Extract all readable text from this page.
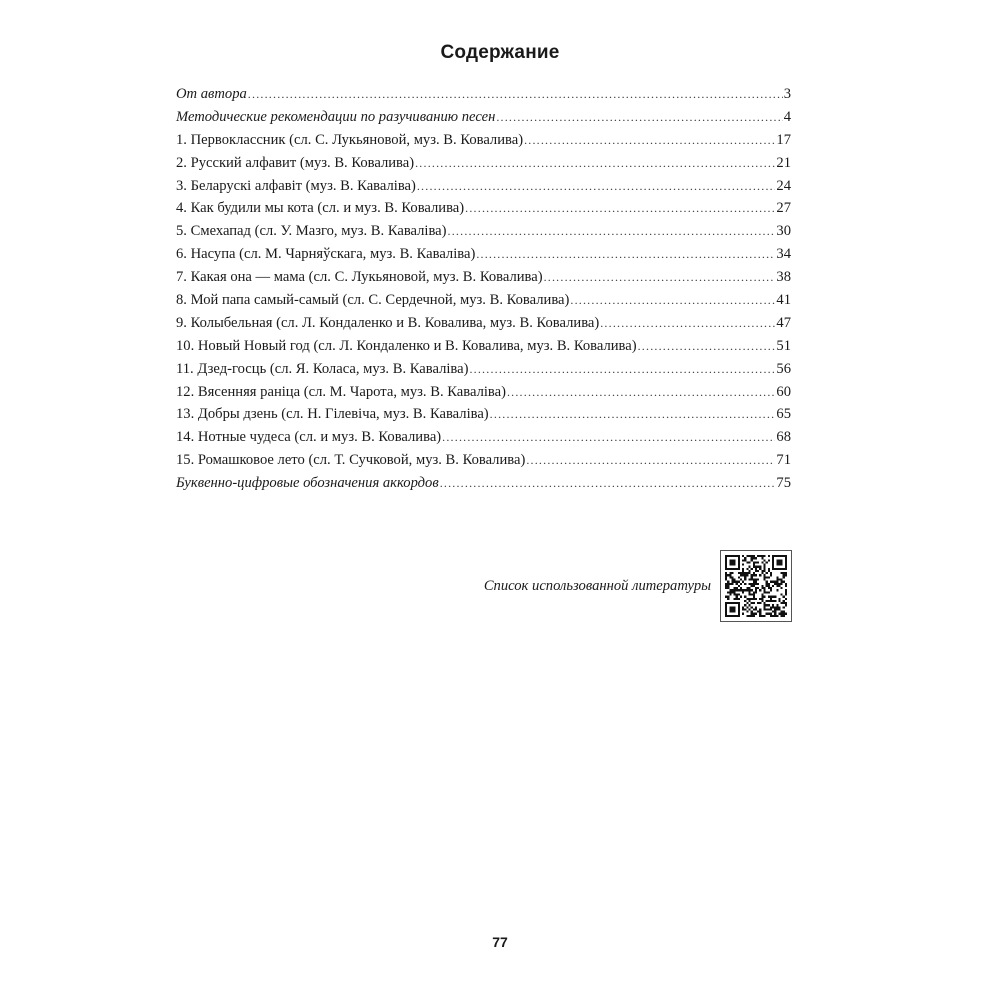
Содержание
От автора .....	3
Методические рекомендации по разучиванию песен .....	4
1. Первоклассник (сл. С. Лукьяновой, муз. В. Ковалива) .....	17
2. Русский алфавит (муз. В. Ковалива) .....	21
3. Беларускі алфавіт (муз. В. Каваліва) .....	24
4. Как будили мы кота (сл. и муз. В. Ковалива) .....	27
5. Смехапад (сл. У. Мазго, муз. В. Каваліва) .....	30
6. Насупа (сл. М. Чарняўскага, муз. В. Каваліва) .....	34
7. Какая она — мама (сл. С. Лукьяновой, муз. В. Ковалива) .....	38
8. Мой папа самый-самый (сл. С. Сердечной, муз. В. Ковалива) .....	41
9. Колыбельная (сл. Л. Кондаленко и В. Ковалива, муз. В. Ковалива) .....	47
10. Новый Новый год (сл. Л. Кондаленко и В. Ковалива, муз. В. Ковалива) .....	51
11. Дзед-госць (сл. Я. Коласа, муз. В. Каваліва) .....	56
12. Вясенняя раніца (сл. М. Чарота, муз. В. Каваліва) .....	60
13. Добры дзень (сл. Н. Гілевіча, муз. В. Каваліва) .....	65
14. Нотные чудеса (сл. и муз. В. Ковалива) .....	68
15. Ромашковое лето (сл. Т. Сучковой, муз. В. Ковалива) .....	71
Буквенно-цифровые обозначения аккордов .....	75
Список использованной литературы
77
